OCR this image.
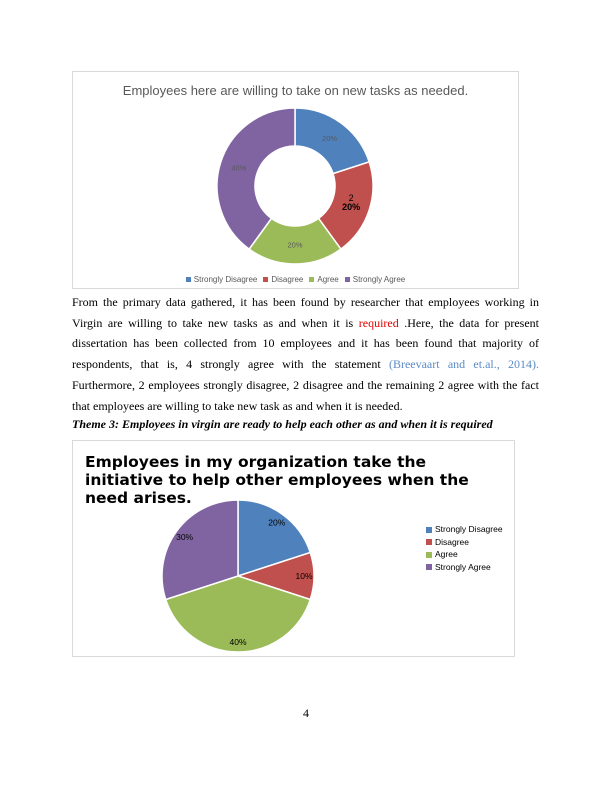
Employees here are willing to take on new tasks as needed.
20%
20%
20%
40%
2
Strongly Disagree Disagree Agree Strongly Agree
From the primary data gathered, it has been found by researcher that employees working in Virgin are willing to take new tasks as and when it is required .Here, the data for present dissertation has been collected from 10 employees and it has been found that majority of respondents, that is, 4 strongly agree with the statement (Breevaart and et.al., 2014). Furthermore, 2 employees strongly disagree, 2 disagree and the remaining 2 agree with the fact that employees are willing to take new task as and when it is needed.
Theme 3: Employees in virgin are ready to help each other as and when it is required
Employees in my organization take the initiative to help other employees when the need arises.
20%
10%
40%
30%
Strongly Disagree
Disagree
Agree
Strongly Agree
4
